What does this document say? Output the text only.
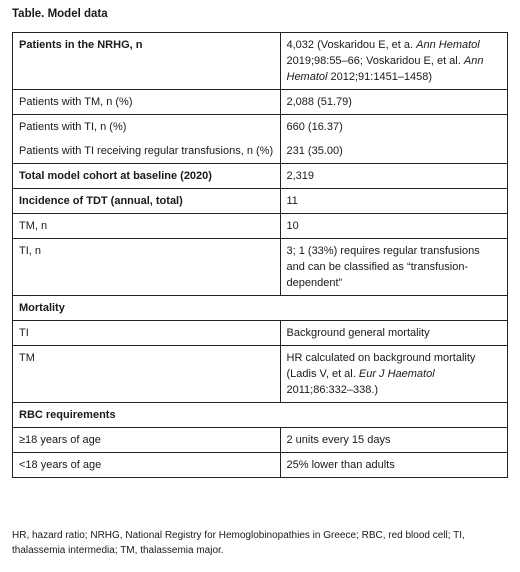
Table. Model data
Patients in the NRHG, n	4,032 (Voskaridou E, et a. Ann Hematol 2019;98:55–66; Voskaridou E, et al. Ann Hematol 2012;91:1451–1458)
Patients with TM, n (%)	2,088 (51.79)
Patients with TI, n (%)	660 (16.37)
Patients with TI receiving regular transfusions, n (%)	231 (35.00)
Total model cohort at baseline (2020)	2,319
Incidence of TDT (annual, total)	11
TM, n	10
TI, n	3; 1 (33%) requires regular transfusions and can be classified as “transfusion-dependent”
Mortality	
TI	Background general mortality
TM	HR calculated on background mortality (Ladis V, et al. Eur J Haematol 2011;86:332–338.)
RBC requirements	
≥18 years of age	2 units every 15 days
<18 years of age	25% lower than adults
HR, hazard ratio; NRHG, National Registry for Hemoglobinopathies in Greece; RBC, red blood cell; TI, thalassemia intermedia; TM, thalassemia major.
